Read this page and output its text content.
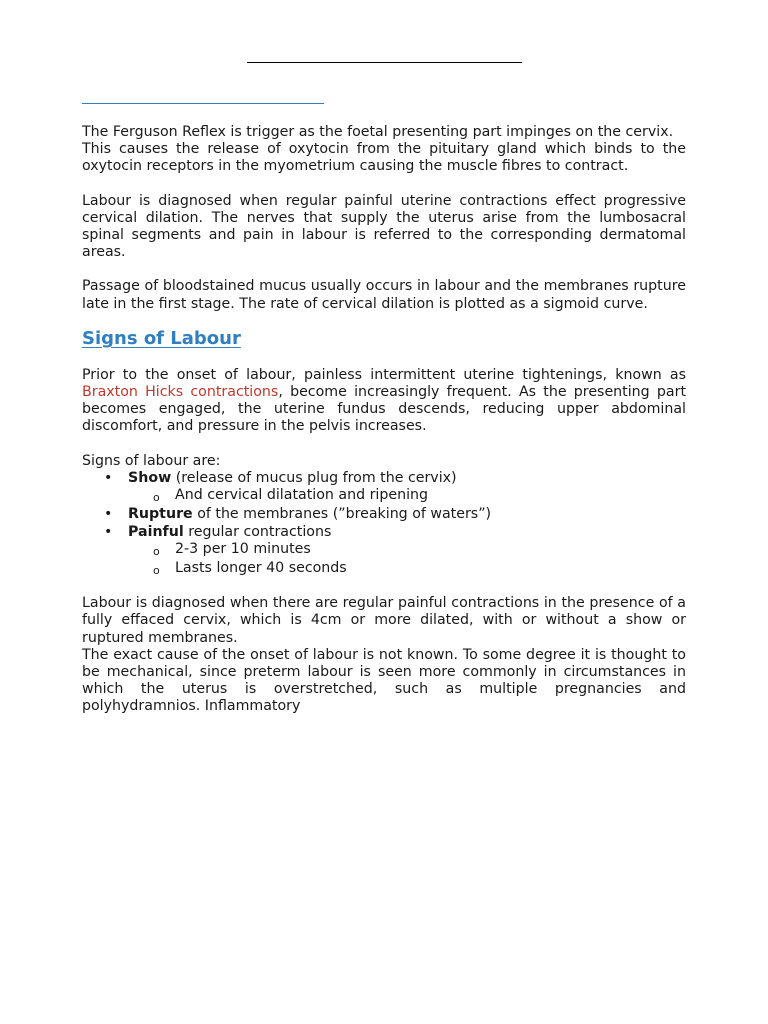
The Ferguson Reflex is trigger as the foetal presenting part impinges on the cervix.

This causes the release of oxytocin from the pituitary gland which binds to the oxytocin receptors in the myometrium causing the muscle fibres to contract.

Labour is diagnosed when regular painful uterine contractions effect progressive cervical dilation. The nerves that supply the uterus arise from the lumbosacral spinal segments and pain in labour is referred to the corresponding dermatomal areas.

Passage of bloodstained mucus usually occurs in labour and the membranes rupture late in the first stage. The rate of cervical dilation is plotted as a sigmoid curve.

Signs of Labour

Prior to the onset of labour, painless intermittent uterine tightenings, known as Braxton Hicks contractions, become increasingly frequent. As the presenting part becomes engaged, the uterine fundus descends, reducing upper abdominal discomfort, and pressure in the pelvis increases.

Signs of labour are:

• Show (release of mucus plug from the cervix)
o And cervical dilatation and ripening
• Rupture of the membranes (”breaking of waters”)
• Painful regular contractions
o 2-3 per 10 minutes
o Lasts longer 40 seconds

Labour is diagnosed when there are regular painful contractions in the presence of a fully effaced cervix, which is 4cm or more dilated, with or without a show or ruptured membranes.

The exact cause of the onset of labour is not known. To some degree it is thought to be mechanical, since preterm labour is seen more commonly in circumstances in which the uterus is overstretched, such as multiple pregnancies and polyhydramnios. Inflammatory
